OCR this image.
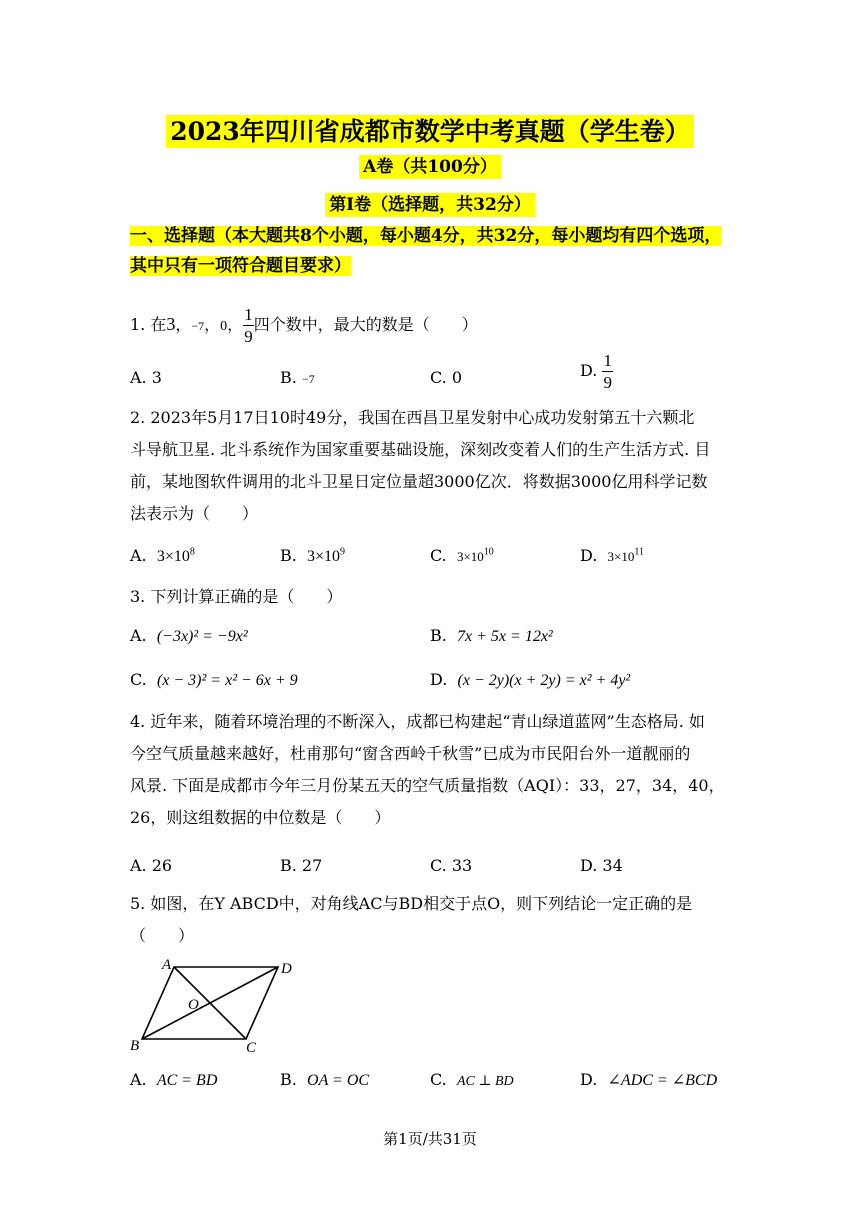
2023年四川省成都市数学中考真题（学生卷）
A卷（共100分）
第I卷（选择题，共32分）
一、选择题（本大题共8个小题，每小题4分，共32分，每小题均有四个选项，
其中只有一项符合题目要求）
1. 在3，−7，0， $\frac{1}{9}$ 四个数中，最大的数是（　　）
A. 3	B. −7	C. 0	D. $\frac{1}{9}$
2. 2023年5月17日10时49分，我国在西昌卫星发射中心成功发射第五十六颗北
斗导航卫星. 北斗系统作为国家重要基础设施，深刻改变着人们的生产生活方式. 目
前，某地图软件调用的北斗卫星日定位量超3000亿次．将数据3000亿用科学记数
法表示为（　　）
A. $3\times 10^8$	B. $3\times 10^9$	C. $3\times 10^{10}$	D. $3\times 10^{11}$
3. 下列计算正确的是（　　）
A. (−3x)² = −9x²	B. 7x + 5x = 12x²
C. (x − 3)² = x² − 6x + 9	D. (x − 2y)(x + 2y) = x² + 4y²
4. 近年来，随着环境治理的不断深入，成都已构建起“青山绿道蓝网”生态格局. 如
今空气质量越来越好，杜甫那句“窗含西岭千秋雪”已成为市民阳台外一道靓丽的
风景. 下面是成都市今年三月份某五天的空气质量指数（AQI）：33，27，34，40，
26，则这组数据的中位数是（　　）
A. 26	B. 27	C. 33	D. 34
5. 如图，在Y ABCD中，对角线AC与BD相交于点O，则下列结论一定正确的是
（　　）
A	D
B	C
O
A. AC = BD	B. OA = OC	C. AC ⊥ BD	D. ∠ADC = ∠BCD
第1页/共31页
